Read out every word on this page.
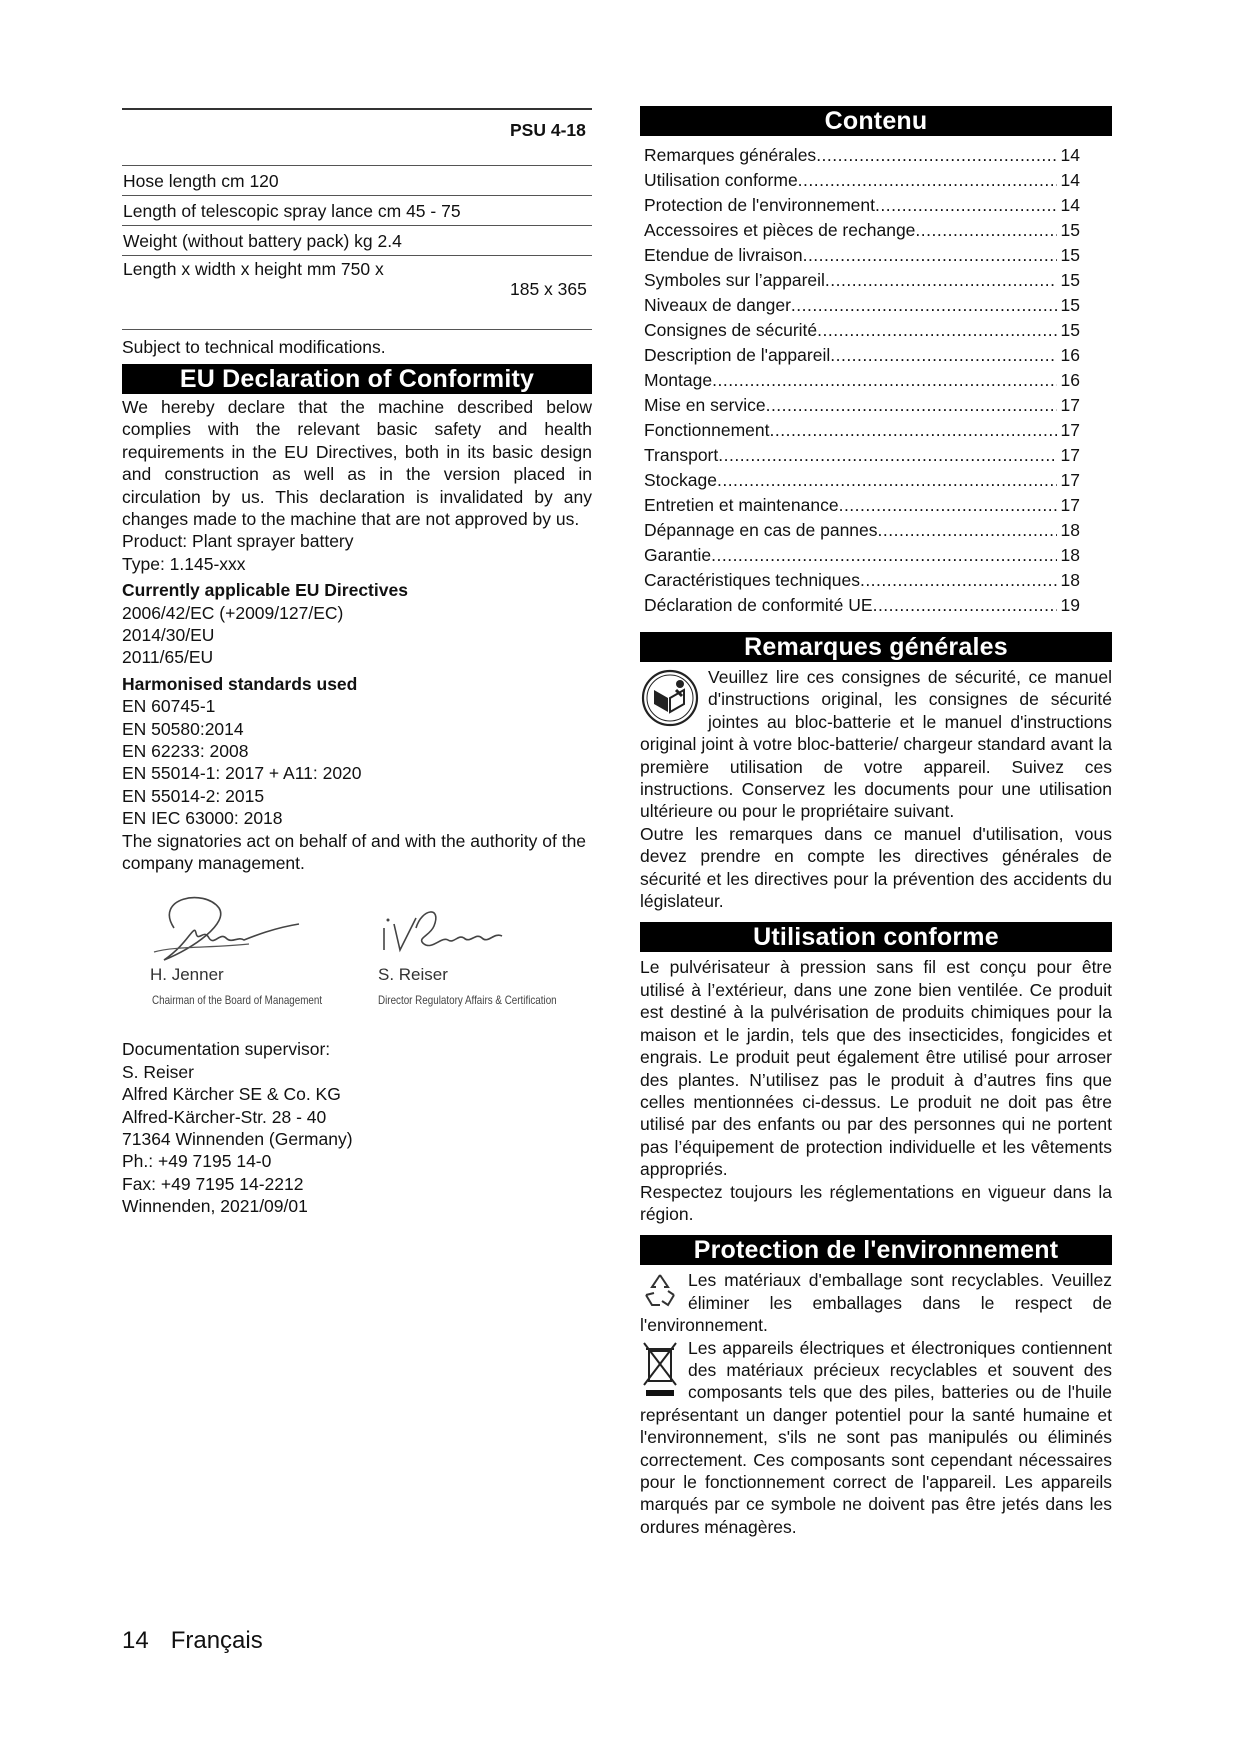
	PSU 4-18
Hose length cm 120	
Length of telescopic spray lance cm 45 - 75	
Weight (without battery pack) kg 2.4	
Length x width x height mm 750 x	185 x 365

Subject to technical modifications.

EU Declaration of Conformity

We hereby declare that the machine described below complies with the relevant basic safety and health requirements in the EU Directives, both in its basic design and construction as well as in the version placed in circulation by us. This declaration is invalidated by any changes made to the machine that are not approved by us.

Product: Plant sprayer battery

Type: 1.145-xxx

Currently applicable EU Directives

2006/42/EC (+2009/127/EC)

2014/30/EU

2011/65/EU

Harmonised standards used

EN 60745-1

EN 50580:2014

EN 62233: 2008

EN 55014-1: 2017 + A11: 2020

EN 55014-2: 2015

EN IEC 63000: 2018

The signatories act on behalf of and with the authority of the company management.

H. Jenner
Chairman of the Board of Management
S. Reiser
Director Regulatory Affairs & Certification

Documentation supervisor:

S. Reiser

Alfred Kärcher SE & Co. KG

Alfred-Kärcher-Str. 28 - 40

71364 Winnenden (Germany)

Ph.: +49 7195 14-0

Fax: +49 7195 14-2212

Winnenden, 2021/09/01

Contenu
Remarques générales .....	14
Utilisation conforme .....	14
Protection de l'environnement .....	14
Accessoires et pièces de rechange .....	15
Etendue de livraison .....	15
Symboles sur l’appareil .....	15
Niveaux de danger .....	15
Consignes de sécurité .....	15
Description de l'appareil .....	16
Montage .....	16
Mise en service .....	17
Fonctionnement .....	17
Transport .....	17
Stockage .....	17
Entretien et maintenance .....	17
Dépannage en cas de pannes .....	18
Garantie .....	18
Caractéristiques techniques .....	18
Déclaration de conformité UE .....	19
Remarques générales

Veuillez lire ces consignes de sécurité, ce manuel d'instructions original, les consignes de sécurité jointes au bloc-batterie et le manuel d'instructions original joint à votre bloc-batterie/ chargeur standard avant la première utilisation de votre appareil. Suivez ces instructions. Conservez les documents pour une utilisation ultérieure ou pour le propriétaire suivant.

Outre les remarques dans ce manuel d'utilisation, vous devez prendre en compte les directives générales de sécurité et les directives pour la prévention des accidents du législateur.

Utilisation conforme

Le pulvérisateur à pression sans fil est conçu pour être utilisé à l’extérieur, dans une zone bien ventilée. Ce produit est destiné à la pulvérisation de produits chimiques pour la maison et le jardin, tels que des insecticides, fongicides et engrais. Le produit peut également être utilisé pour arroser des plantes. N’utilisez pas le produit à d’autres fins que celles mentionnées ci-dessus. Le produit ne doit pas être utilisé par des enfants ou par des personnes qui ne portent pas l’équipement de protection individuelle et les vêtements appropriés.

Respectez toujours les réglementations en vigueur dans la région.

Protection de l'environnement

Les matériaux d'emballage sont recyclables. Veuillez éliminer les emballages dans le respect de l'environnement.

Les appareils électriques et électroniques contiennent des matériaux précieux recyclables et souvent des composants tels que des piles, batteries ou de l'huile représentant un danger potentiel pour la santé humaine et l'environnement, s'ils ne sont pas manipulés ou éliminés correctement. Ces composants sont cependant nécessaires pour le fonctionnement correct de l'appareil. Les appareils marqués par ce symbole ne doivent pas être jetés dans les ordures ménagères.

14 Français
